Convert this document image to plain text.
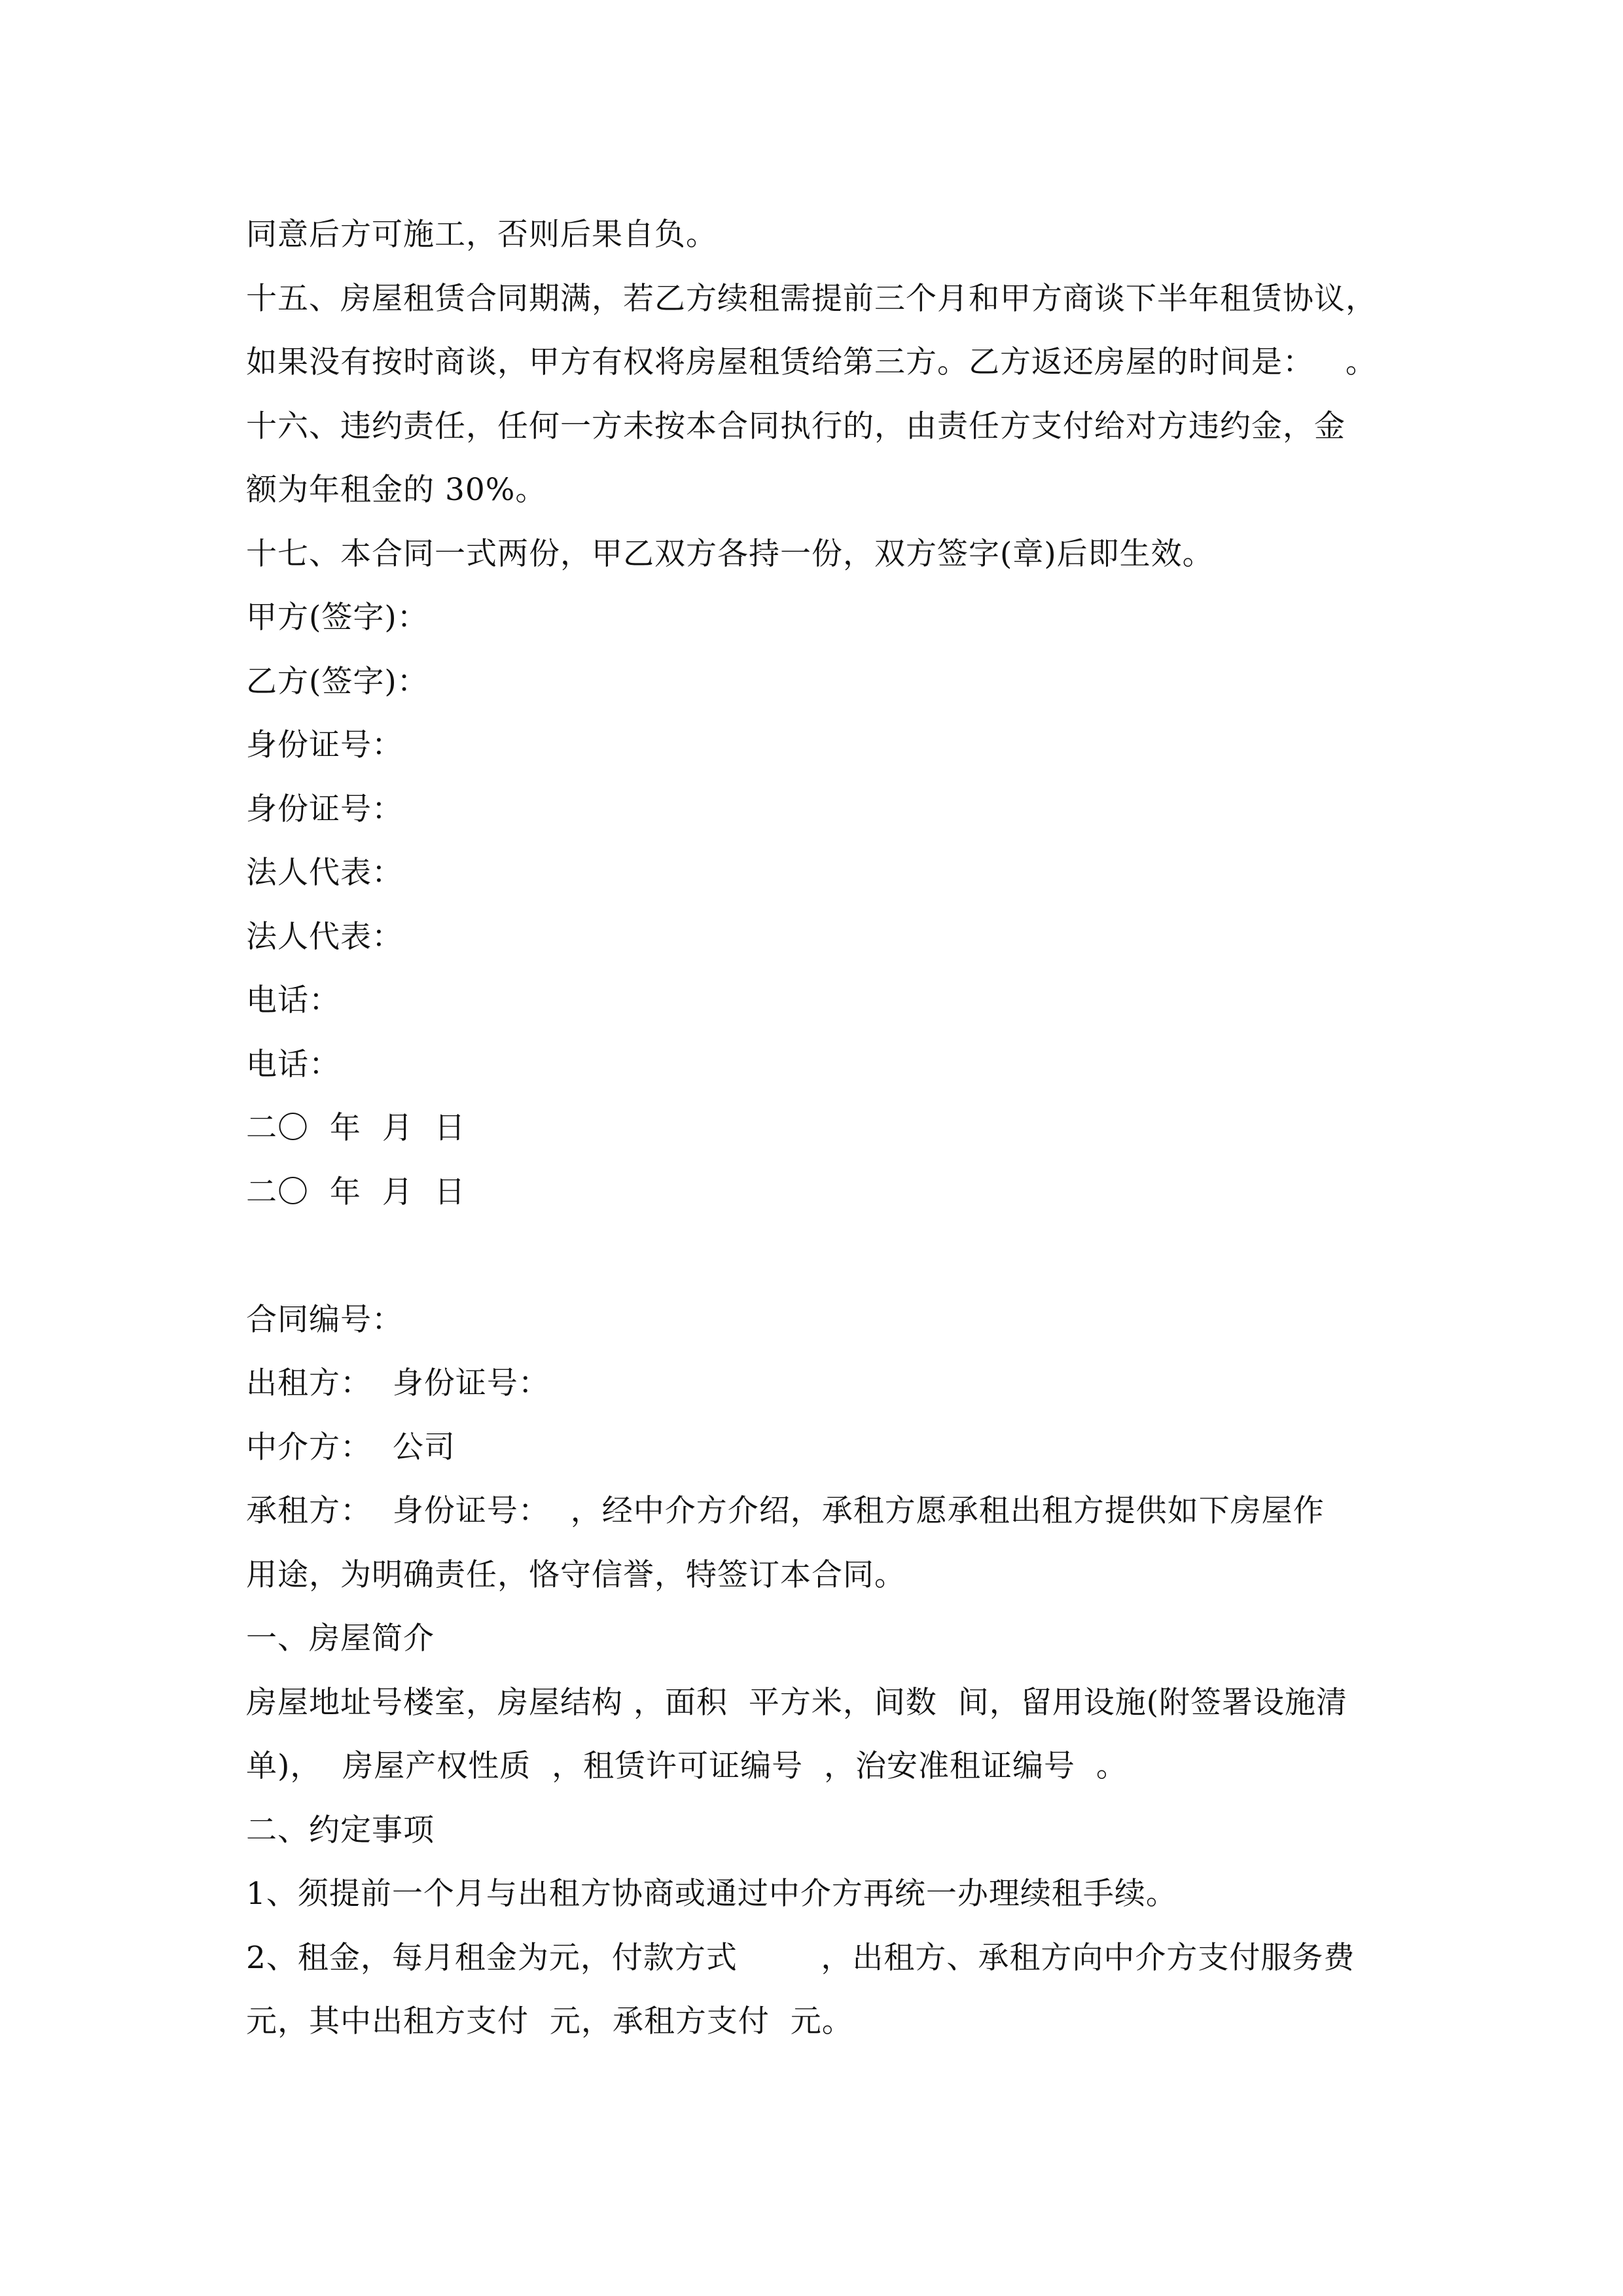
同意后方可施工，否则后果自负。
十五、房屋租赁合同期满，若乙方续租需提前三个月和甲方商谈下半年租赁协议，
如果没有按时商谈，甲方有权将房屋租赁给第三方。乙方返还房屋的时间是：   。
十六、违约责任，任何一方未按本合同执行的，由责任方支付给对方违约金，金
额为年租金的 30%。
十七、本合同一式两份，甲乙双方各持一份，双方签字(章)后即生效。
甲方(签字)：
乙方(签字)：
身份证号：
身份证号：
法人代表：
法人代表：
电话：
电话：
二〇  年  月  日
二〇  年  月  日
合同编号：
出租方：  身份证号：
中介方：  公司
承租方：  身份证号：  ，经中介方介绍，承租方愿承租出租方提供如下房屋作
用途，为明确责任，恪守信誉，特签订本合同。
一、房屋简介
房屋地址号楼室，房屋结构 ，面积  平方米，间数  间，留用设施(附签署设施清
单)，  房屋产权性质  ，租赁许可证编号  ，治安准租证编号  。
二、约定事项
1、须提前一个月与出租方协商或通过中介方再统一办理续租手续。
2、租金，每月租金为元，付款方式        ，出租方、承租方向中介方支付服务费
元，其中出租方支付  元，承租方支付  元。
